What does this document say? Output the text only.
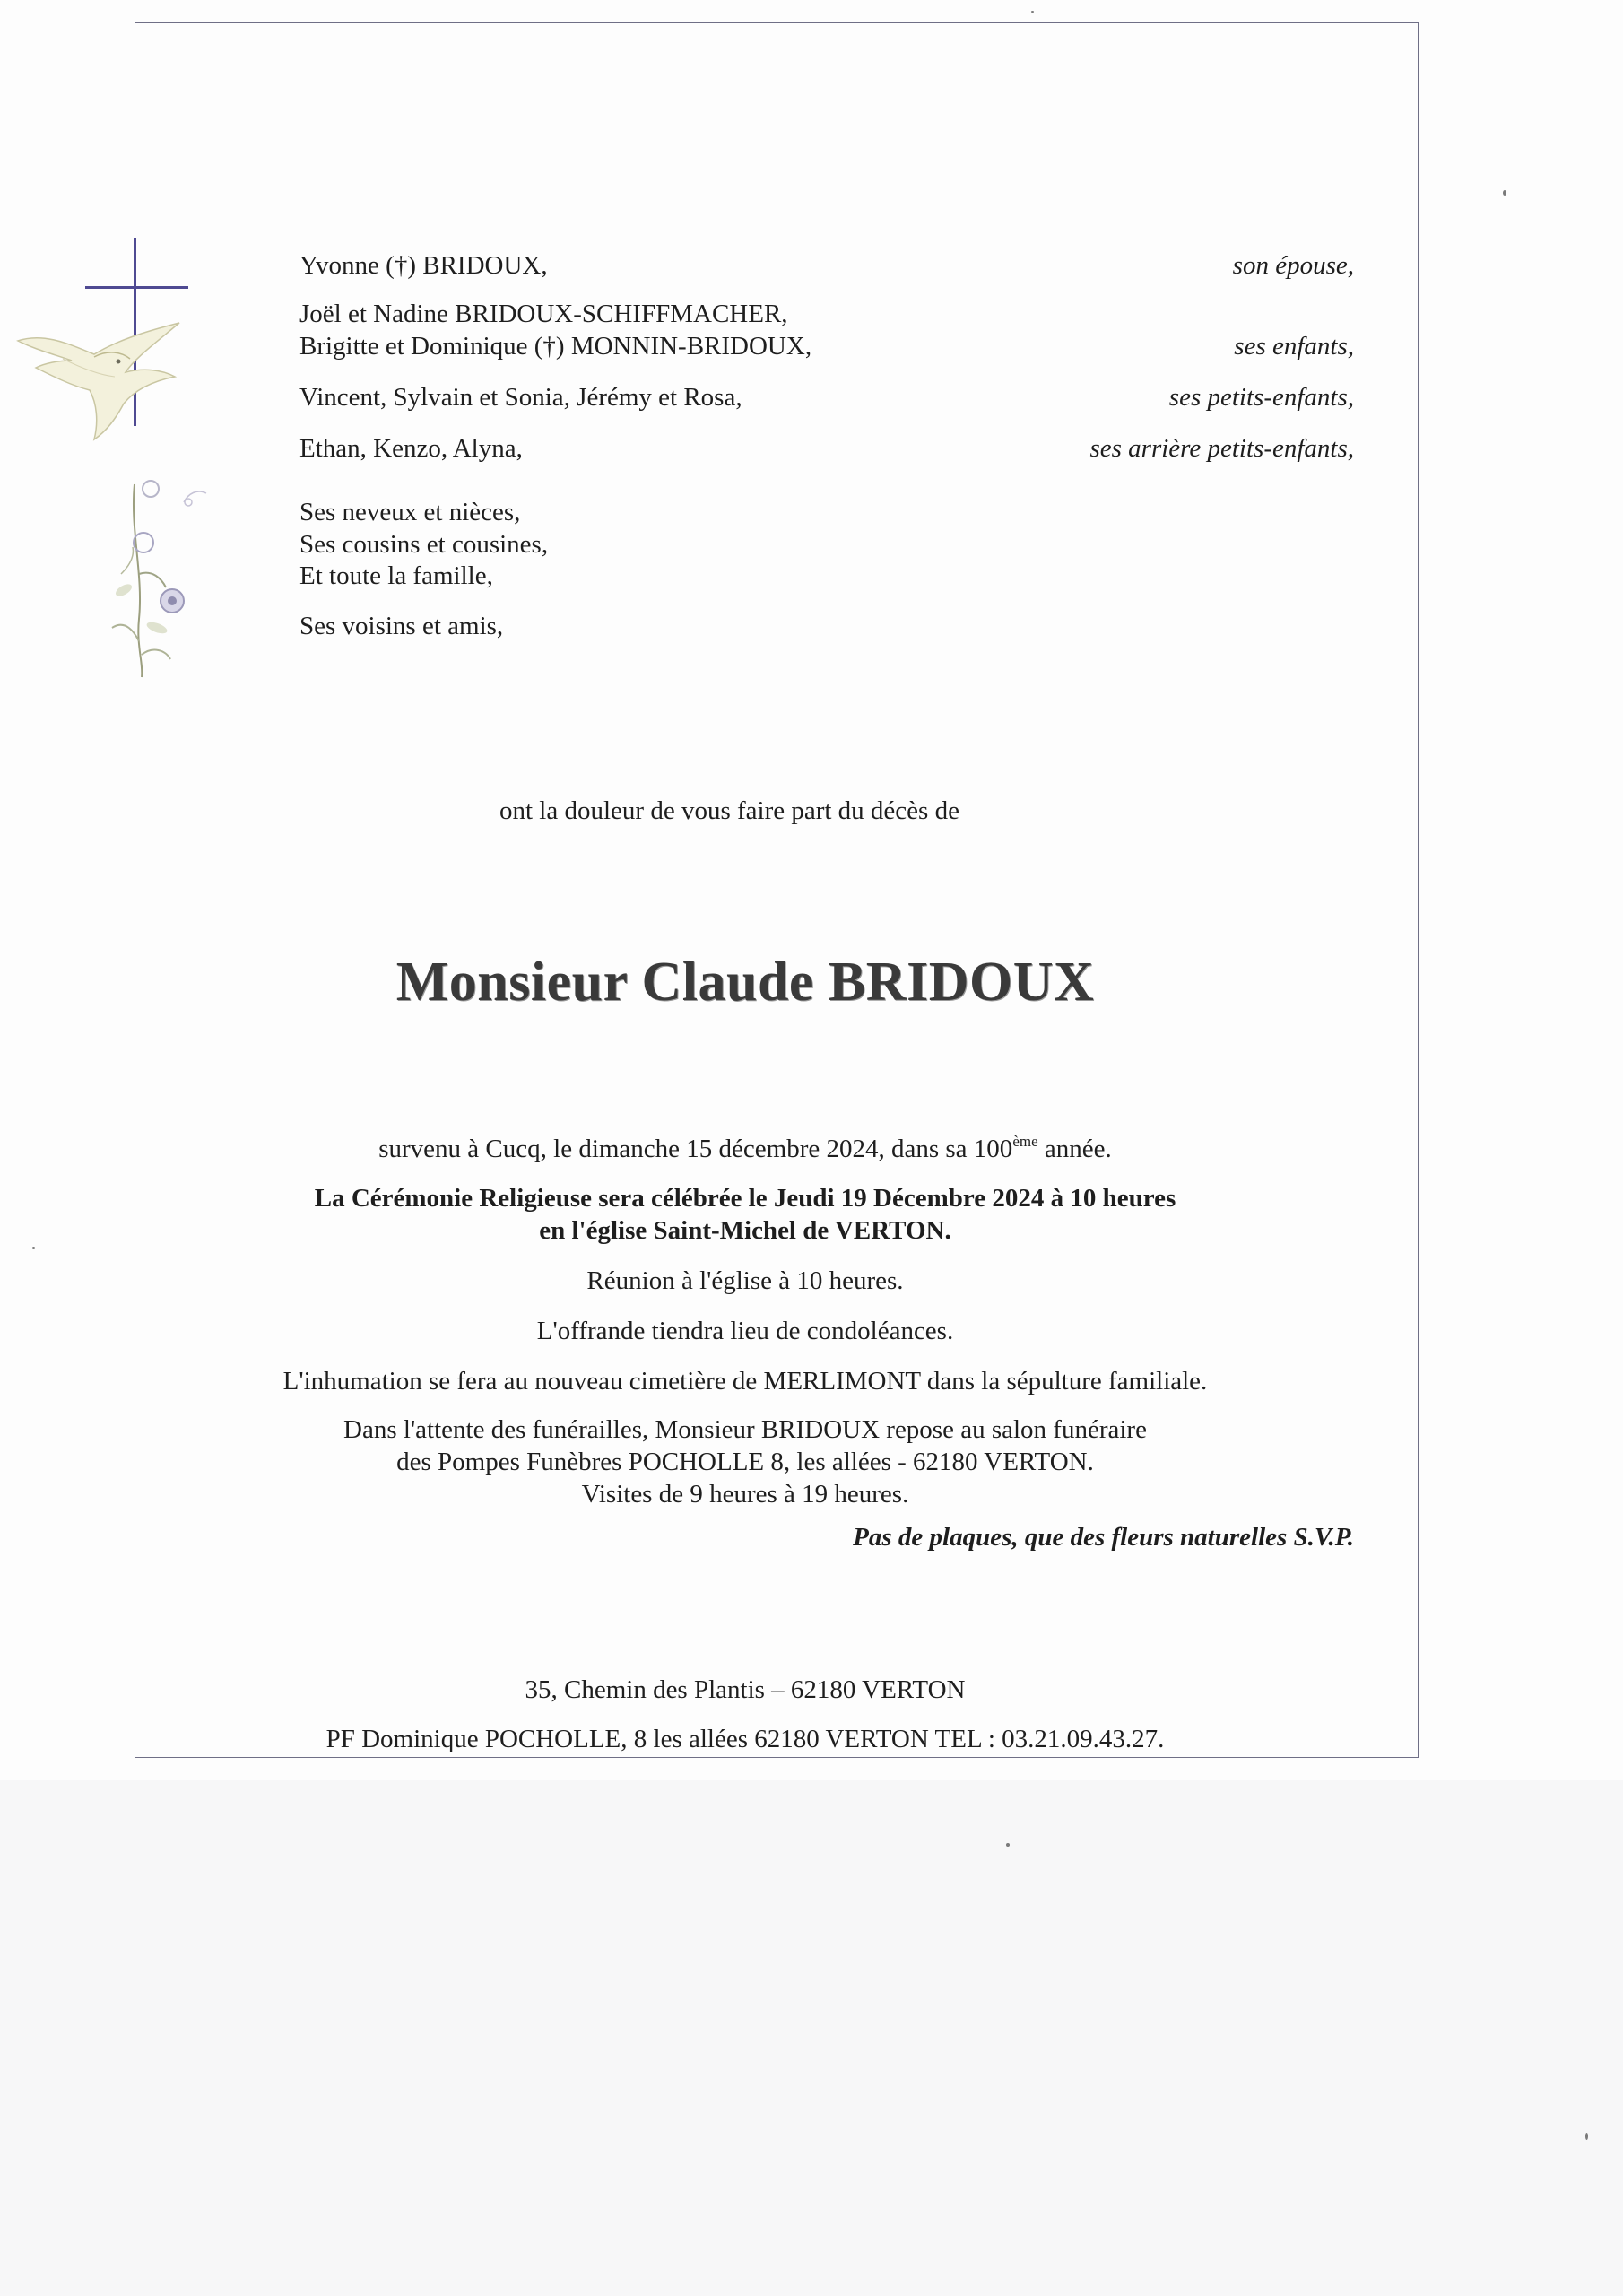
Yvonne (†) BRIDOUX,	son épouse,
Joël et Nadine BRIDOUX-SCHIFFMACHER,
Brigitte et Dominique (†) MONNIN-BRIDOUX,	ses enfants,
Vincent, Sylvain et Sonia, Jérémy et Rosa,	ses petits-enfants,
Ethan, Kenzo, Alyna,	ses arrière petits-enfants,
Ses neveux et nièces,
Ses cousins et cousines,
Et toute la famille,
Ses voisins et amis,
ont la douleur de vous faire part du décès de
Monsieur Claude BRIDOUX
survenu à Cucq, le dimanche 15 décembre 2024, dans sa 100ème année.
La Cérémonie Religieuse sera célébrée le Jeudi 19 Décembre 2024 à 10 heures
en l'église Saint-Michel de VERTON.
Réunion à l'église à 10 heures.
L'offrande tiendra lieu de condoléances.
L'inhumation se fera au nouveau cimetière de MERLIMONT dans la sépulture familiale.
Dans l'attente des funérailles, Monsieur BRIDOUX repose au salon funéraire
des Pompes Funèbres POCHOLLE 8, les allées - 62180 VERTON.
Visites de 9 heures à 19 heures.
Pas de plaques, que des fleurs naturelles S.V.P.
35, Chemin des Plantis – 62180 VERTON
PF Dominique POCHOLLE, 8 les allées 62180 VERTON TEL : 03.21.09.43.27.
